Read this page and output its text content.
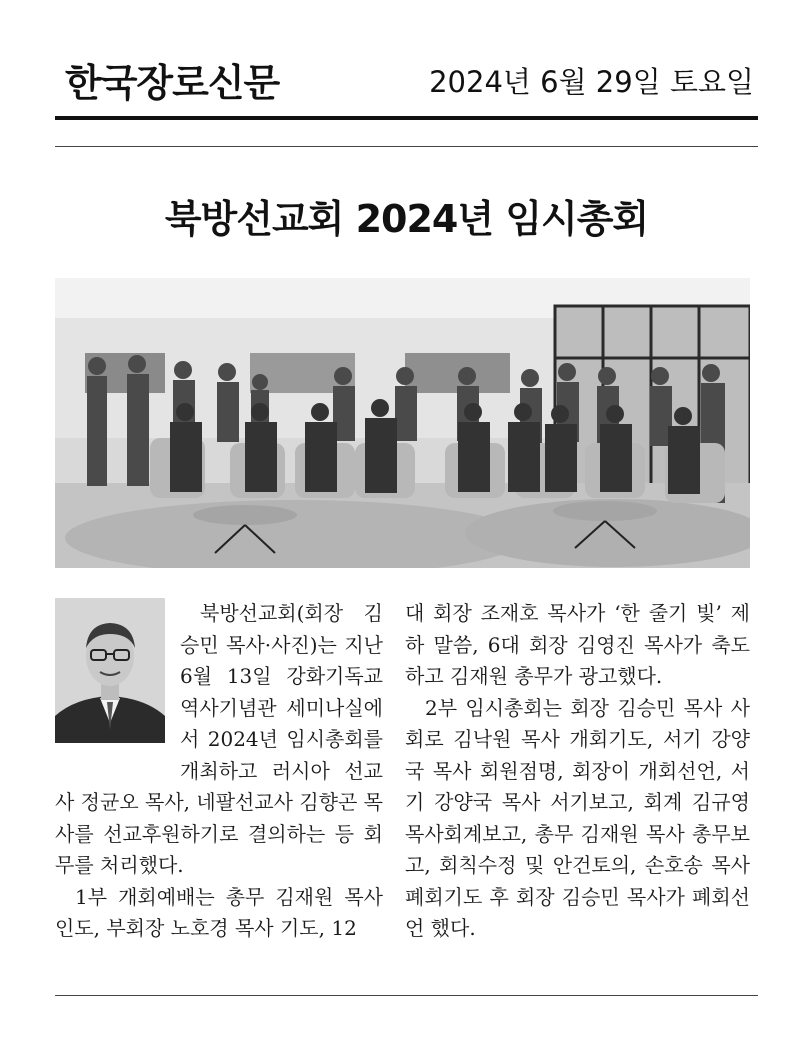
한국장로신문	2024년 6월 29일 토요일
북방선교회 2024년 임시총회

북방선교회(회장 김승민 목사·사진)는 지난 6월 13일 강화기독교 역사기념관 세미나실에서 2024년 임시총회를 개최하고 러시아 선교사 정균오 목사, 네팔선교사 김향곤 목사를 선교후원하기로 결의하는 등 회무를 처리했다.

1부 개회예배는 총무 김재원 목사 인도, 부회장 노호경 목사 기도, 12

대 회장 조재호 목사가 ‘한 줄기 빛’ 제하 말씀, 6대 회장 김영진 목사가 축도하고 김재원 총무가 광고했다.

2부 임시총회는 회장 김승민 목사 사회로 김낙원 목사 개회기도, 서기 강양국 목사 회원점명, 회장이 개회선언, 서기 강양국 목사 서기보고, 회계 김규영 목사회계보고, 총무 김재원 목사 총무보고, 회칙수정 및 안건토의, 손호송 목사 폐회기도 후 회장 김승민 목사가 폐회선언 했다.
